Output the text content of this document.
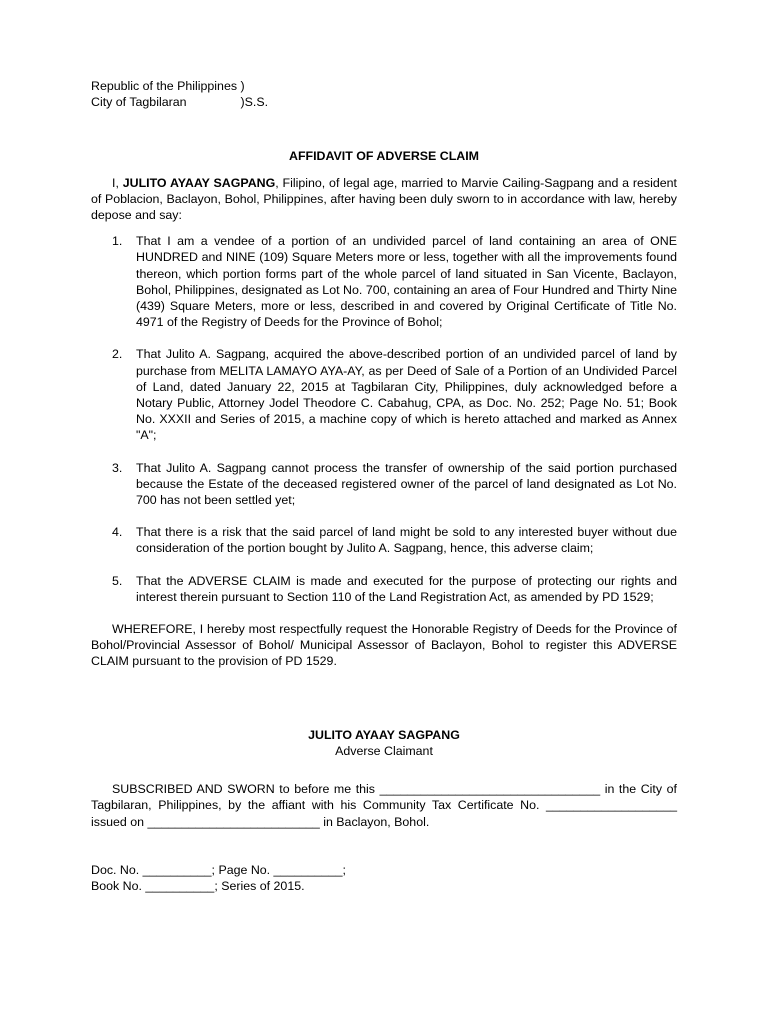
Republic of the Philippines )
City of Tagbilaran	)S.S.
AFFIDAVIT OF ADVERSE CLAIM
I, JULITO AYAAY SAGPANG, Filipino, of legal age, married to Marvie Cailing-Sagpang and a resident of Poblacion, Baclayon, Bohol, Philippines, after having been duly sworn to in accordance with law, hereby depose and say:
1. That I am a vendee of a portion of an undivided parcel of land containing an area of ONE HUNDRED and NINE (109) Square Meters more or less, together with all the improvements found thereon, which portion forms part of the whole parcel of land situated in San Vicente, Baclayon, Bohol, Philippines, designated as Lot No. 700, containing an area of Four Hundred and Thirty Nine (439) Square Meters, more or less, described in and covered by Original Certificate of Title No. 4971 of the Registry of Deeds for the Province of Bohol;
2. That Julito A. Sagpang, acquired the above-described portion of an undivided parcel of land by purchase from MELITA LAMAYO AYA-AY, as per Deed of Sale of a Portion of an Undivided Parcel of Land, dated January 22, 2015 at Tagbilaran City, Philippines, duly acknowledged before a Notary Public, Attorney Jodel Theodore C. Cabahug, CPA, as Doc. No. 252; Page No. 51; Book No. XXXII and Series of 2015, a machine copy of which is hereto attached and marked as Annex "A";
3. That Julito A. Sagpang cannot process the transfer of ownership of the said portion purchased because the Estate of the deceased registered owner of the parcel of land designated as Lot No. 700 has not been settled yet;
4. That there is a risk that the said parcel of land might be sold to any interested buyer without due consideration of the portion bought by Julito A. Sagpang, hence, this adverse claim;
5. That the ADVERSE CLAIM is made and executed for the purpose of protecting our rights and interest therein pursuant to Section 110 of the Land Registration Act, as amended by PD 1529;
WHEREFORE, I hereby most respectfully request the Honorable Registry of Deeds for the Province of Bohol/Provincial Assessor of Bohol/ Municipal Assessor of Baclayon, Bohol to register this ADVERSE CLAIM pursuant to the provision of PD 1529.
JULITO AYAAY SAGPANG
Adverse Claimant
SUBSCRIBED AND SWORN to before me this ________________________________ in the City of Tagbilaran, Philippines, by the affiant with his Community Tax Certificate No. ___________________ issued on _________________________ in Baclayon, Bohol.
Doc. No. __________; Page No. __________;
Book No. __________; Series of 2015.
